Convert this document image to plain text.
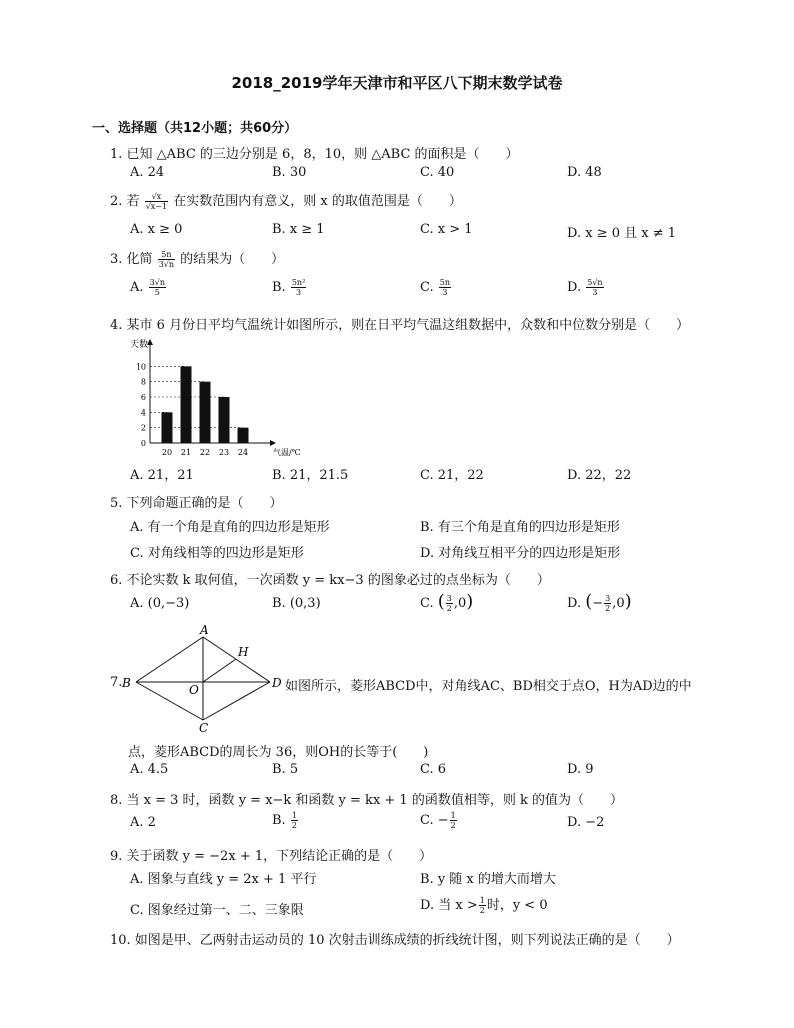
2018_2019学年天津市和平区八下期末数学试卷
一、选择题（共12小题；共60分）
1. 已知 △ABC 的三边分别是 6，8，10，则 △ABC 的面积是（　　）
A. 24	B. 30	C. 40	D. 48
2. 若 $\frac{√x}{√x-1}$ 在实数范围内有意义，则 x 的取值范围是（　　）
A. x ≥ 0	B. x ≥ 1	C. x > 1	D. x ≥ 0 且 x ≠ 1
3. 化简 $\frac{5n}{3√n}$ 的结果为（　　）
A. $\frac{3√n}{5}$	B. $\frac{\text{5n²}}{3}$	C. $\frac{5n}{3}$	D. $\frac{5√n}{3}$
4. 某市 6 月份日平均气温统计如图所示，则在日平均气温这组数据中，众数和中位数分别是（　　）
天数
气温/℃
0
2
4
6
8
10
20 21 22 23 24
A. 21，21	B. 21，21.5	C. 21，22	D. 22，22
5. 下列命题正确的是（　　）
A. 有一个角是直角的四边形是矩形	B. 有三个角是直角的四边形是矩形
C. 对角线相等的四边形是矩形	D. 对角线互相平分的四边形是矩形
6. 不论实数 k 取何值，一次函数 y = kx−3 的图象必过的点坐标为（　　）
A. (0,−3)	B. (0,3)	C. ( $\frac{3}{2} ,0$)	D. (− $\frac{3}{2} ,0$)
7.
A
B
C
D
O
H
如图所示，菱形ABCD中，对角线AC、BD相交于点O，H为AD边的中
点，菱形ABCD的周长为 36，则OH的长等于(　　)
A. 4.5	B. 5	C. 6	D. 9
8. 当 x = 3 时，函数 y = x−k 和函数 y = kx + 1 的函数值相等，则 k 的值为（　　）
A. 2	B. $\frac{1}{2}$	C. − $\frac{1}{2}$	D. −2
9. 关于函数 y = −2x + 1，下列结论正确的是（　　）
A. 图象与直线 y = 2x + 1 平行	B. y 随 x 的增大而增大
C. 图象经过第一、二、三象限	D. 当 $x > \frac{1}{2}$ 时，y < 0
10. 如图是甲、乙两射击运动员的 10 次射击训练成绩的折线统计图，则下列说法正确的是（　　）
